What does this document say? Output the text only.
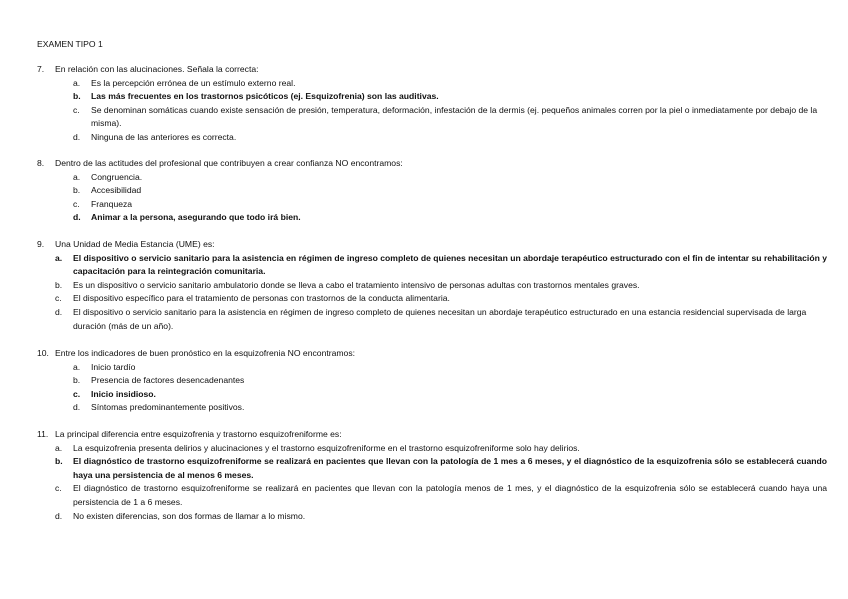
EXAMEN TIPO 1
7.	En relación con las alucinaciones. Señala la correcta:
a.	Es la percepción errónea de un estímulo externo real.
b.	Las más frecuentes en los trastornos psicóticos (ej. Esquizofrenia) son las auditivas.
c.	Se denominan somáticas cuando existe sensación de presión, temperatura, deformación, infestación de la dermis (ej. pequeños animales corren por la piel o inmediatamente por debajo de la misma).
d.	Ninguna de las anteriores es correcta.
8.	Dentro de las actitudes del profesional que contribuyen a crear confianza NO encontramos:
a.	Congruencia.
b.	Accesibilidad
c.	Franqueza
d.	Animar a la persona, asegurando que todo irá bien.
9.	Una Unidad de Media Estancia (UME) es:
a.	El dispositivo o servicio sanitario para la asistencia en régimen de ingreso completo de quienes necesitan un abordaje terapéutico estructurado con el fin de intentar su rehabilitación y capacitación para la reintegración comunitaria.
b.	Es un dispositivo o servicio sanitario ambulatorio donde se lleva a cabo el tratamiento intensivo de personas adultas con trastornos mentales graves.
c.	El dispositivo específico para el tratamiento de personas con trastornos de la conducta alimentaria.
d.	El dispositivo o servicio sanitario para la asistencia en régimen de ingreso completo de quienes necesitan un abordaje terapéutico estructurado en una estancia residencial supervisada de larga duración (más de un año).
10. Entre los indicadores de buen pronóstico en la esquizofrenia NO encontramos:
a.	Inicio tardío
b.	Presencia de factores desencadenantes
c.	Inicio insidioso.
d.	Síntomas predominantemente positivos.
11. La principal diferencia entre esquizofrenia y trastorno esquizofreniforme es:
a.	La esquizofrenia presenta delirios y alucinaciones y el trastorno esquizofreniforme en el trastorno esquizofreniforme solo hay delirios.
b.	El diagnóstico de trastorno esquizofreniforme se realizará en pacientes que llevan con la patología de 1 mes a 6 meses, y el diagnóstico de la esquizofrenia sólo se establecerá cuando haya una persistencia de al menos 6 meses.
c.	El diagnóstico de trastorno esquizofreniforme se realizará en pacientes que llevan con la patología menos de 1 mes, y el diagnóstico de la esquizofrenia sólo se establecerá cuando haya una persistencia de 1 a 6 meses.
d.	No existen diferencias, son dos formas de llamar a lo mismo.
